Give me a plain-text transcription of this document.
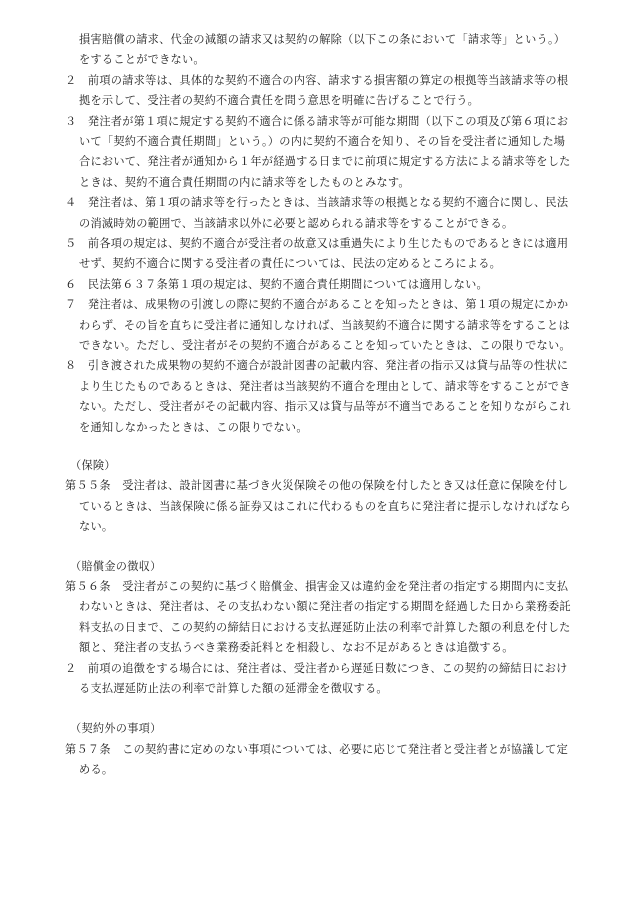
損害賠償の請求、代金の減額の請求又は契約の解除（以下この条において「請求等」という。）

をすることができない。

２　前項の請求等は、具体的な契約不適合の内容、請求する損害額の算定の根拠等当該請求等の根

拠を示して、受注者の契約不適合責任を問う意思を明確に告げることで行う。

３　発注者が第１項に規定する契約不適合に係る請求等が可能な期間（以下この項及び第６項にお

いて「契約不適合責任期間」という。）の内に契約不適合を知り、その旨を受注者に通知した場

合において、発注者が通知から１年が経過する日までに前項に規定する方法による請求等をした

ときは、契約不適合責任期間の内に請求等をしたものとみなす。

４　発注者は、第１項の請求等を行ったときは、当該請求等の根拠となる契約不適合に関し、民法

の消滅時効の範囲で、当該請求以外に必要と認められる請求等をすることができる。

５　前各項の規定は、契約不適合が受注者の故意又は重過失により生じたものであるときには適用

せず、契約不適合に関する受注者の責任については、民法の定めるところによる。

６　民法第６３７条第１項の規定は、契約不適合責任期間については適用しない。

７　発注者は、成果物の引渡しの際に契約不適合があることを知ったときは、第１項の規定にかか

わらず、その旨を直ちに受注者に通知しなければ、当該契約不適合に関する請求等をすることは

できない。ただし、受注者がその契約不適合があることを知っていたときは、この限りでない。

８　引き渡された成果物の契約不適合が設計図書の記載内容、発注者の指示又は貸与品等の性状に

より生じたものであるときは、発注者は当該契約不適合を理由として、請求等をすることができ

ない。ただし、受注者がその記載内容、指示又は貸与品等が不適当であることを知りながらこれ

を通知しなかったときは、この限りでない。

（保険）

第５５条　受注者は、設計図書に基づき火災保険その他の保険を付したとき又は任意に保険を付し

ているときは、当該保険に係る証券又はこれに代わるものを直ちに発注者に提示しなければなら

ない。

（賠償金の徴収）

第５６条　受注者がこの契約に基づく賠償金、損害金又は違約金を発注者の指定する期間内に支払

わないときは、発注者は、その支払わない額に発注者の指定する期間を経過した日から業務委託

料支払の日まで、この契約の締結日における支払遅延防止法の利率で計算した額の利息を付した

額と、発注者の支払うべき業務委託料とを相殺し、なお不足があるときは追徴する。

２　前項の追徴をする場合には、発注者は、受注者から遅延日数につき、この契約の締結日におけ

る支払遅延防止法の利率で計算した額の延滞金を徴収する。

（契約外の事項）

第５７条　この契約書に定めのない事項については、必要に応じて発注者と受注者とが協議して定

める。
